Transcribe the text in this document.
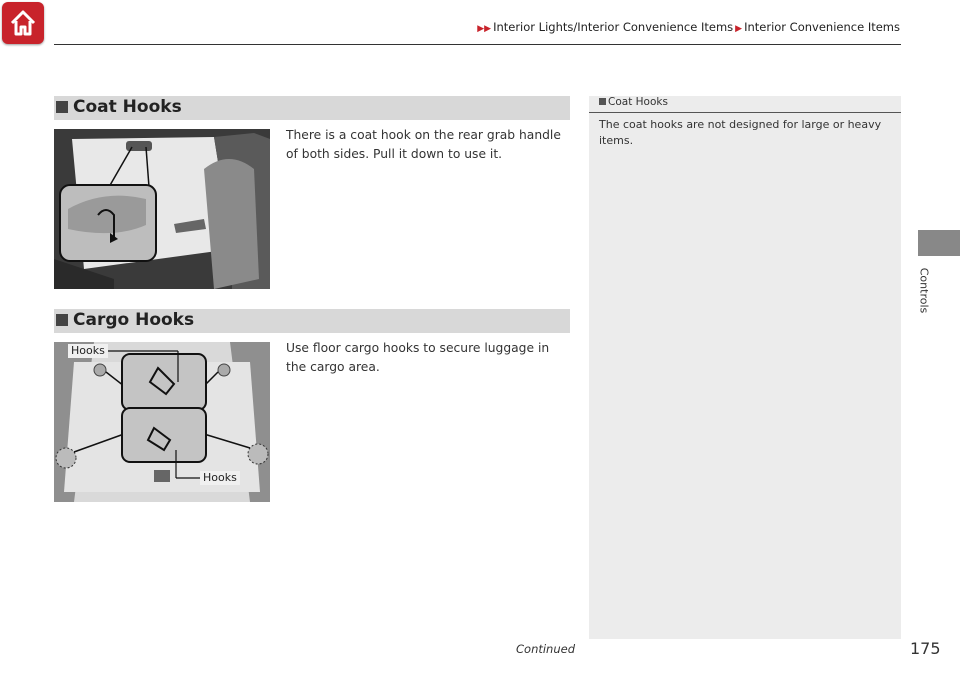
▶▶ Interior Lights/Interior Convenience Items ▶ Interior Convenience Items
Coat Hooks
There is a coat hook on the rear grab handle of both sides. Pull it down to use it.
Cargo Hooks
Hooks
Hooks
Use floor cargo hooks to secure luggage in the cargo area.
Coat Hooks
The coat hooks are not designed for large or heavy items.
Controls
Continued	175
